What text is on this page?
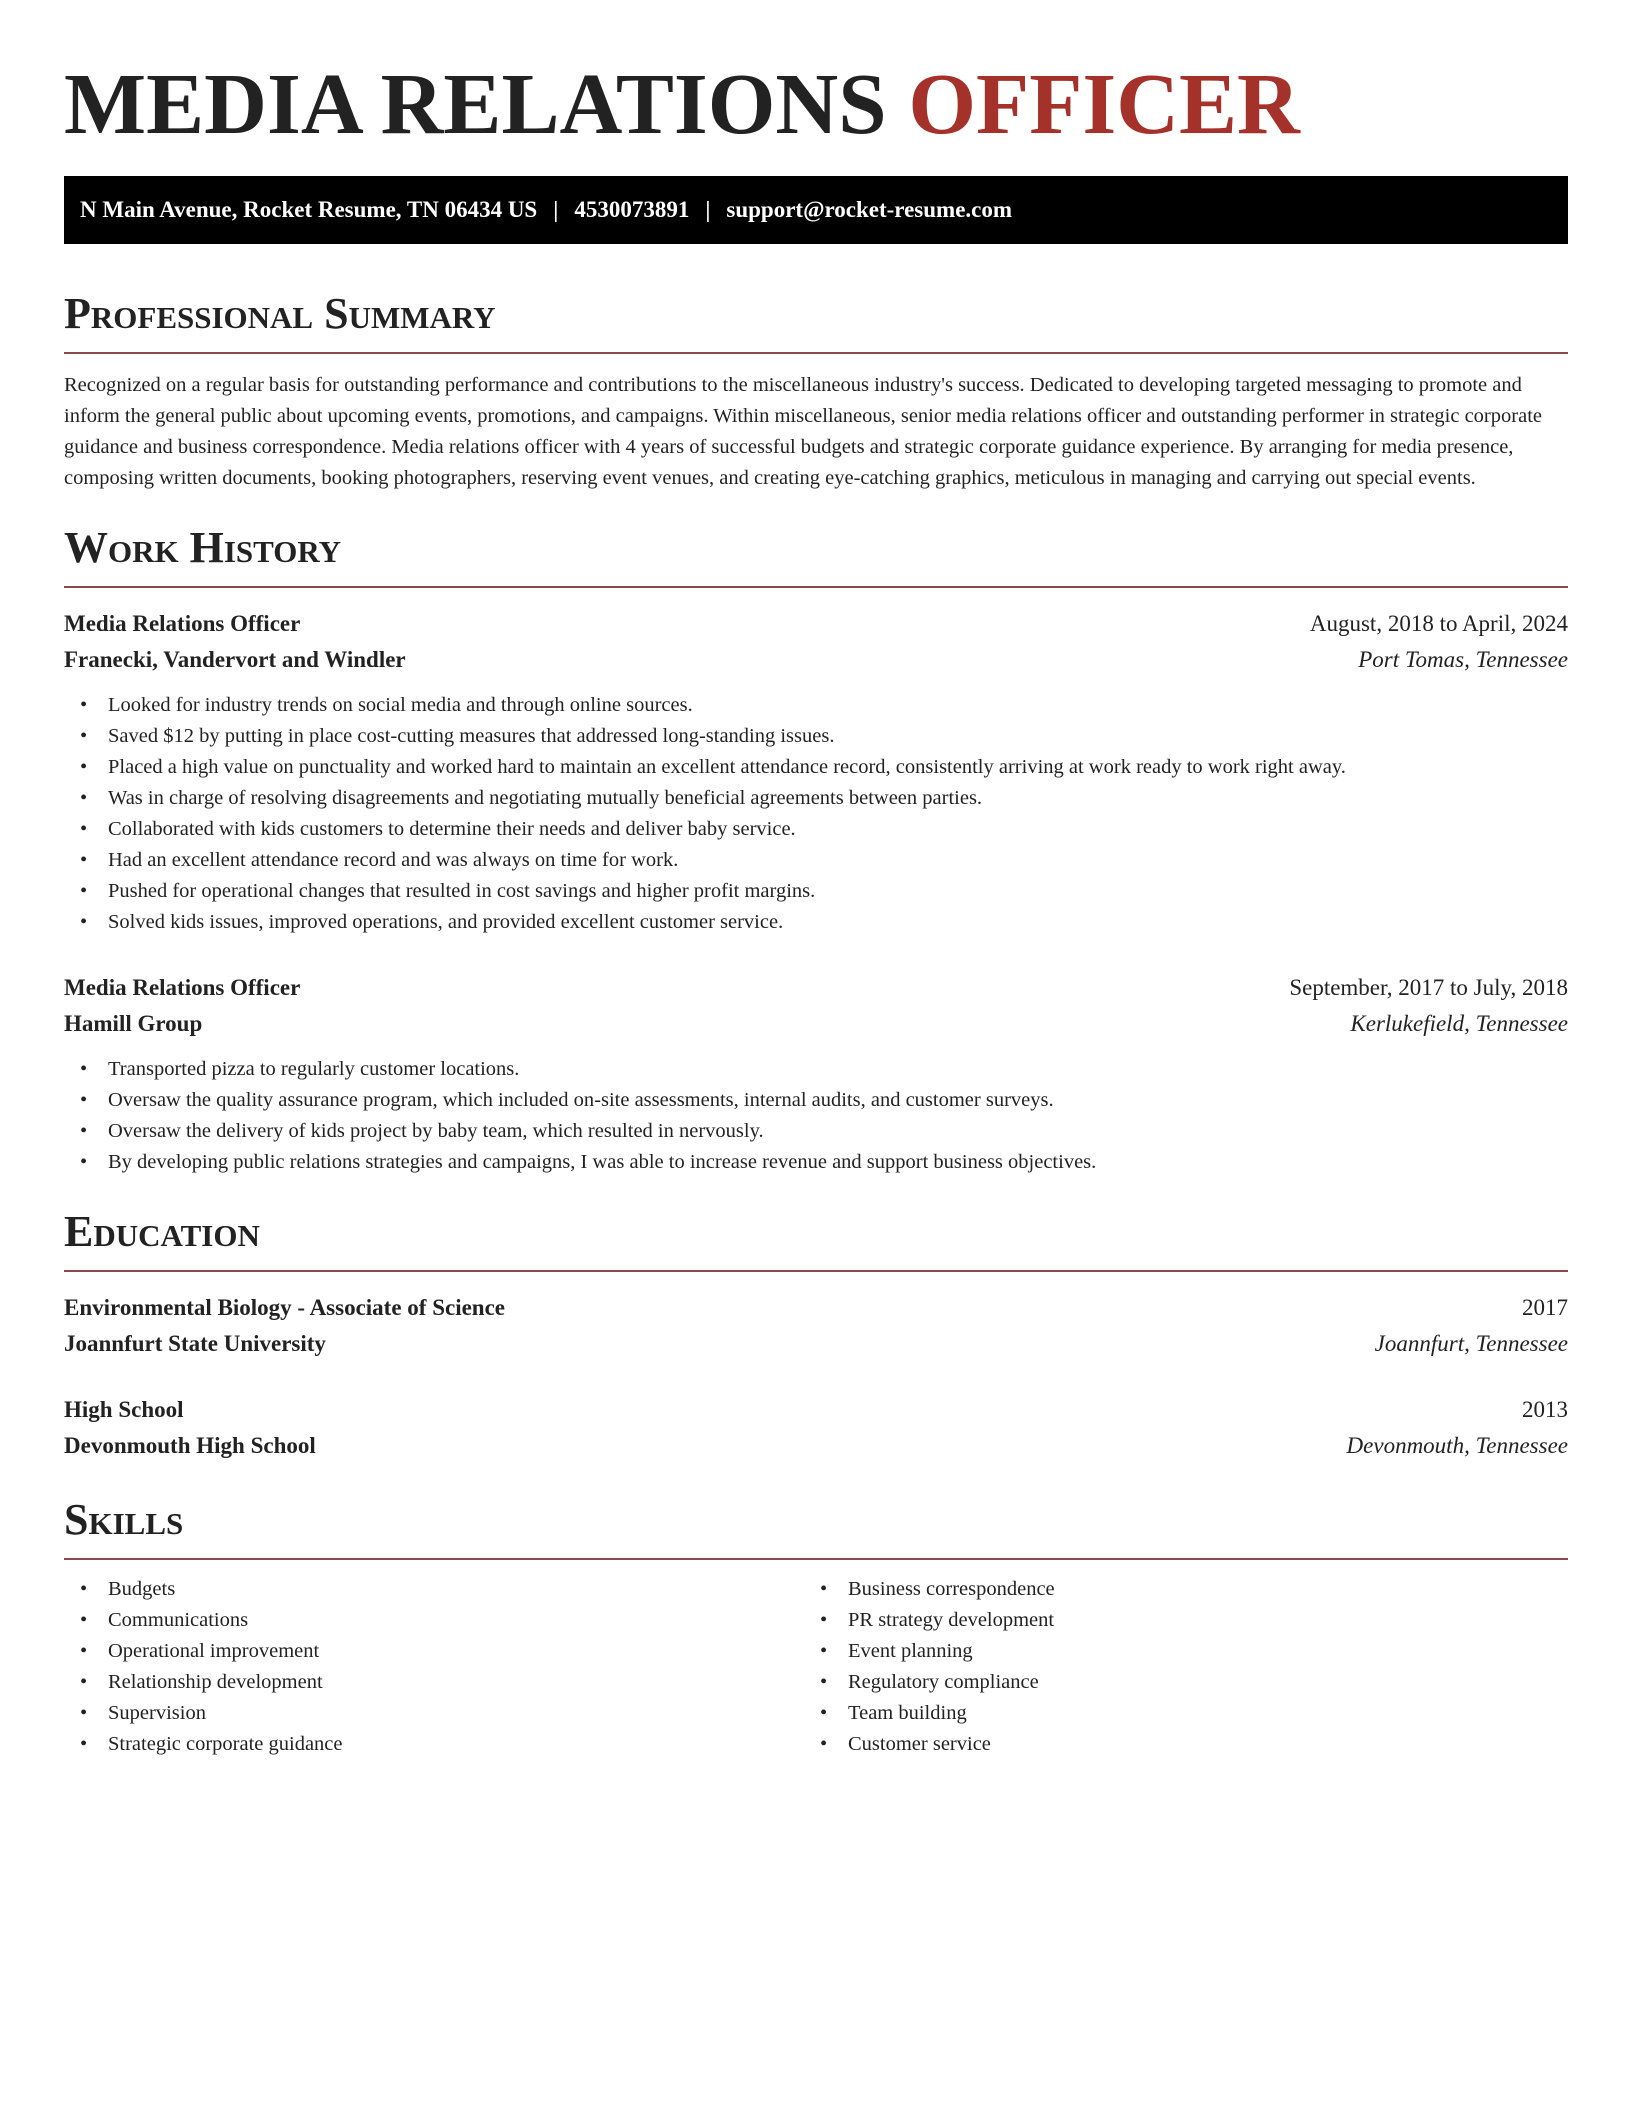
MEDIA RELATIONS OFFICER
N Main Avenue, Rocket Resume, TN 06434 US | 4530073891 | support@rocket-resume.com
Professional Summary

Recognized on a regular basis for outstanding performance and contributions to the miscellaneous industry's success. Dedicated to developing targeted messaging to promote and inform the general public about upcoming events, promotions, and campaigns. Within miscellaneous, senior media relations officer and outstanding performer in strategic corporate guidance and business correspondence. Media relations officer with 4 years of successful budgets and strategic corporate guidance experience. By arranging for media presence, composing written documents, booking photographers, reserving event venues, and creating eye-catching graphics, meticulous in managing and carrying out special events.

Work History
Media Relations Officer	August, 2018 to April, 2024
Franecki, Vandervort and Windler	Port Tomas, Tennessee
• Looked for industry trends on social media and through online sources.
• Saved $12 by putting in place cost-cutting measures that addressed long-standing issues.
• Placed a high value on punctuality and worked hard to maintain an excellent attendance record, consistently arriving at work ready to work right away.
• Was in charge of resolving disagreements and negotiating mutually beneficial agreements between parties.
• Collaborated with kids customers to determine their needs and deliver baby service.
• Had an excellent attendance record and was always on time for work.
• Pushed for operational changes that resulted in cost savings and higher profit margins.
• Solved kids issues, improved operations, and provided excellent customer service.
Media Relations Officer	September, 2017 to July, 2018
Hamill Group	Kerlukefield, Tennessee
• Transported pizza to regularly customer locations.
• Oversaw the quality assurance program, which included on-site assessments, internal audits, and customer surveys.
• Oversaw the delivery of kids project by baby team, which resulted in nervously.
• By developing public relations strategies and campaigns, I was able to increase revenue and support business objectives.
Education
Environmental Biology - Associate of Science	2017
Joannfurt State University	Joannfurt, Tennessee
High School	2013
Devonmouth High School	Devonmouth, Tennessee
Skills
• Budgets
• Communications
• Operational improvement
• Relationship development
• Supervision
• Strategic corporate guidance
• Business correspondence
• PR strategy development
• Event planning
• Regulatory compliance
• Team building
• Customer service
